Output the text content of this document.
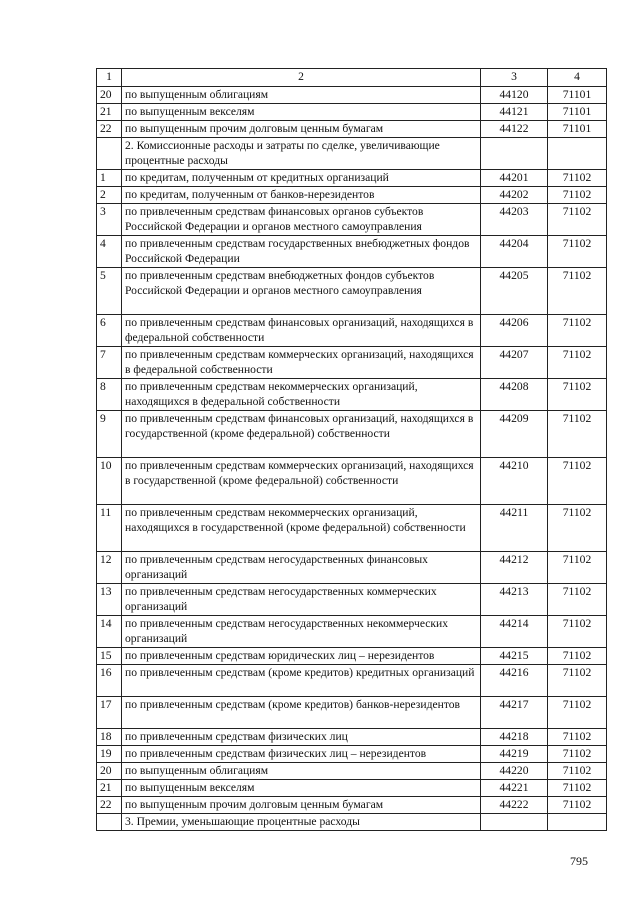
1	2	3	4
20	по выпущенным облигациям	44120	71101
21	по выпущенным векселям	44121	71101
22	по выпущенным прочим долговым ценным бумагам	44122	71101
	2. Комиссионные расходы и затраты по сделке, увеличивающие процентные расходы		
1	по кредитам, полученным от кредитных организаций	44201	71102
2	по кредитам, полученным от банков-нерезидентов	44202	71102
3	по привлеченным средствам финансовых органов субъектов Российской Федерации и органов местного самоуправления	44203	71102
4	по привлеченным средствам государственных внебюджетных фондов Российской Федерации	44204	71102
5	по привлеченным средствам внебюджетных фондов субъектов Российской Федерации и органов местного самоуправления	44205	71102
6	по привлеченным средствам финансовых организаций, находящихся в федеральной собственности	44206	71102
7	по привлеченным средствам коммерческих организаций, находящихся в федеральной собственности	44207	71102
8	по привлеченным средствам некоммерческих организаций, находящихся в федеральной собственности	44208	71102
9	по привлеченным средствам финансовых организаций, находящихся в государственной (кроме федеральной) собственности	44209	71102
10	по привлеченным средствам коммерческих организаций, находящихся в государственной (кроме федеральной) собственности	44210	71102
11	по привлеченным средствам некоммерческих организаций, находящихся в государственной (кроме федеральной) собственности	44211	71102
12	по привлеченным средствам негосударственных финансовых организаций	44212	71102
13	по привлеченным средствам негосударственных коммерческих организаций	44213	71102
14	по привлеченным средствам негосударственных некоммерческих организаций	44214	71102
15	по привлеченным средствам юридических лиц – нерезидентов	44215	71102
16	по привлеченным средствам (кроме кредитов) кредитных организаций	44216	71102
17	по привлеченным средствам (кроме кредитов) банков-нерезидентов	44217	71102
18	по привлеченным средствам физических лиц	44218	71102
19	по привлеченным средствам физических лиц – нерезидентов	44219	71102
20	по выпущенным облигациям	44220	71102
21	по выпущенным векселям	44221	71102
22	по выпущенным прочим долговым ценным бумагам	44222	71102
	3. Премии, уменьшающие процентные расходы		
795
